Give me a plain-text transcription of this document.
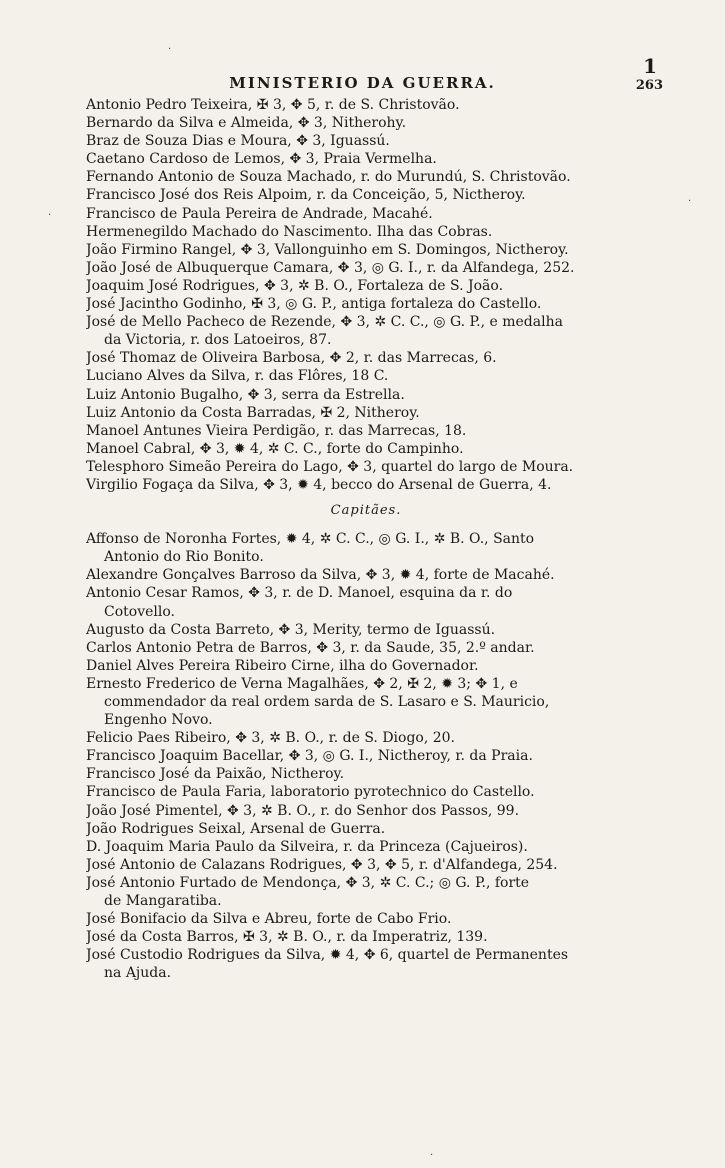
MINISTERIO DA GUERRA.
1
263
Antonio Pedro Teixeira, ✠ 3, ✥ 5, r. de S. Christovão.
Bernardo da Silva e Almeida, ✥ 3, Nitherohy.
Braz de Souza Dias e Moura, ✥ 3, Iguassú.
Caetano Cardoso de Lemos, ✥ 3, Praia Vermelha.
Fernando Antonio de Souza Machado, r. do Murundú, S. Christovão.
Francisco José dos Reis Alpoim, r. da Conceição, 5, Nictheroy.
Francisco de Paula Pereira de Andrade, Macahé.
Hermenegildo Machado do Nascimento. Ilha das Cobras.
João Firmino Rangel, ✥ 3, Vallonguinho em S. Domingos, Nictheroy.
João José de Albuquerque Camara, ✥ 3, ◎ G. I., r. da Alfandega, 252.
Joaquim José Rodrigues, ✥ 3, ✲ B. O., Fortaleza de S. João.
José Jacintho Godinho, ✠ 3, ◎ G. P., antiga fortaleza do Castello.
José de Mello Pacheco de Rezende, ✥ 3, ✲ C. C., ◎ G. P., e medalha
da Victoria, r. dos Latoeiros, 87.
José Thomaz de Oliveira Barbosa, ✥ 2, r. das Marrecas, 6.
Luciano Alves da Silva, r. das Flôres, 18 C.
Luiz Antonio Bugalho, ✥ 3, serra da Estrella.
Luiz Antonio da Costa Barradas, ✠ 2, Nitheroy.
Manoel Antunes Vieira Perdigão, r. das Marrecas, 18.
Manoel Cabral, ✥ 3, ✹ 4, ✲ C. C., forte do Campinho.
Telesphoro Simeão Pereira do Lago, ✥ 3, quartel do largo de Moura.
Virgilio Fogaça da Silva, ✥ 3, ✹ 4, becco do Arsenal de Guerra, 4.
Capitães.
Affonso de Noronha Fortes, ✹ 4, ✲ C. C., ◎ G. I., ✲ B. O., Santo
Antonio do Rio Bonito.
Alexandre Gonçalves Barroso da Silva, ✥ 3, ✹ 4, forte de Macahé.
Antonio Cesar Ramos, ✥ 3, r. de D. Manoel, esquina da r. do
Cotovello.
Augusto da Costa Barreto, ✥ 3, Merity, termo de Iguassú.
Carlos Antonio Petra de Barros, ✥ 3, r. da Saude, 35, 2.º andar.
Daniel Alves Pereira Ribeiro Cirne, ilha do Governador.
Ernesto Frederico de Verna Magalhães, ✥ 2, ✠ 2, ✹ 3; ✥ 1, e
commendador da real ordem sarda de S. Lasaro e S. Mauricio,
Engenho Novo.
Felicio Paes Ribeiro, ✥ 3, ✲ B. O., r. de S. Diogo, 20.
Francisco Joaquim Bacellar, ✥ 3, ◎ G. I., Nictheroy, r. da Praia.
Francisco José da Paixão, Nictheroy.
Francisco de Paula Faria, laboratorio pyrotechnico do Castello.
João José Pimentel, ✥ 3, ✲ B. O., r. do Senhor dos Passos, 99.
João Rodrigues Seixal, Arsenal de Guerra.
D. Joaquim Maria Paulo da Silveira, r. da Princeza (Cajueiros).
José Antonio de Calazans Rodrigues, ✥ 3, ✥ 5, r. d'Alfandega, 254.
José Antonio Furtado de Mendonça, ✥ 3, ✲ C. C.; ◎ G. P., forte
de Mangaratiba.
José Bonifacio da Silva e Abreu, forte de Cabo Frio.
José da Costa Barros, ✠ 3, ✲ B. O., r. da Imperatriz, 139.
José Custodio Rodrigues da Silva, ✹ 4, ✥ 6, quartel de Permanentes
na Ajuda.
·
·
·
·
